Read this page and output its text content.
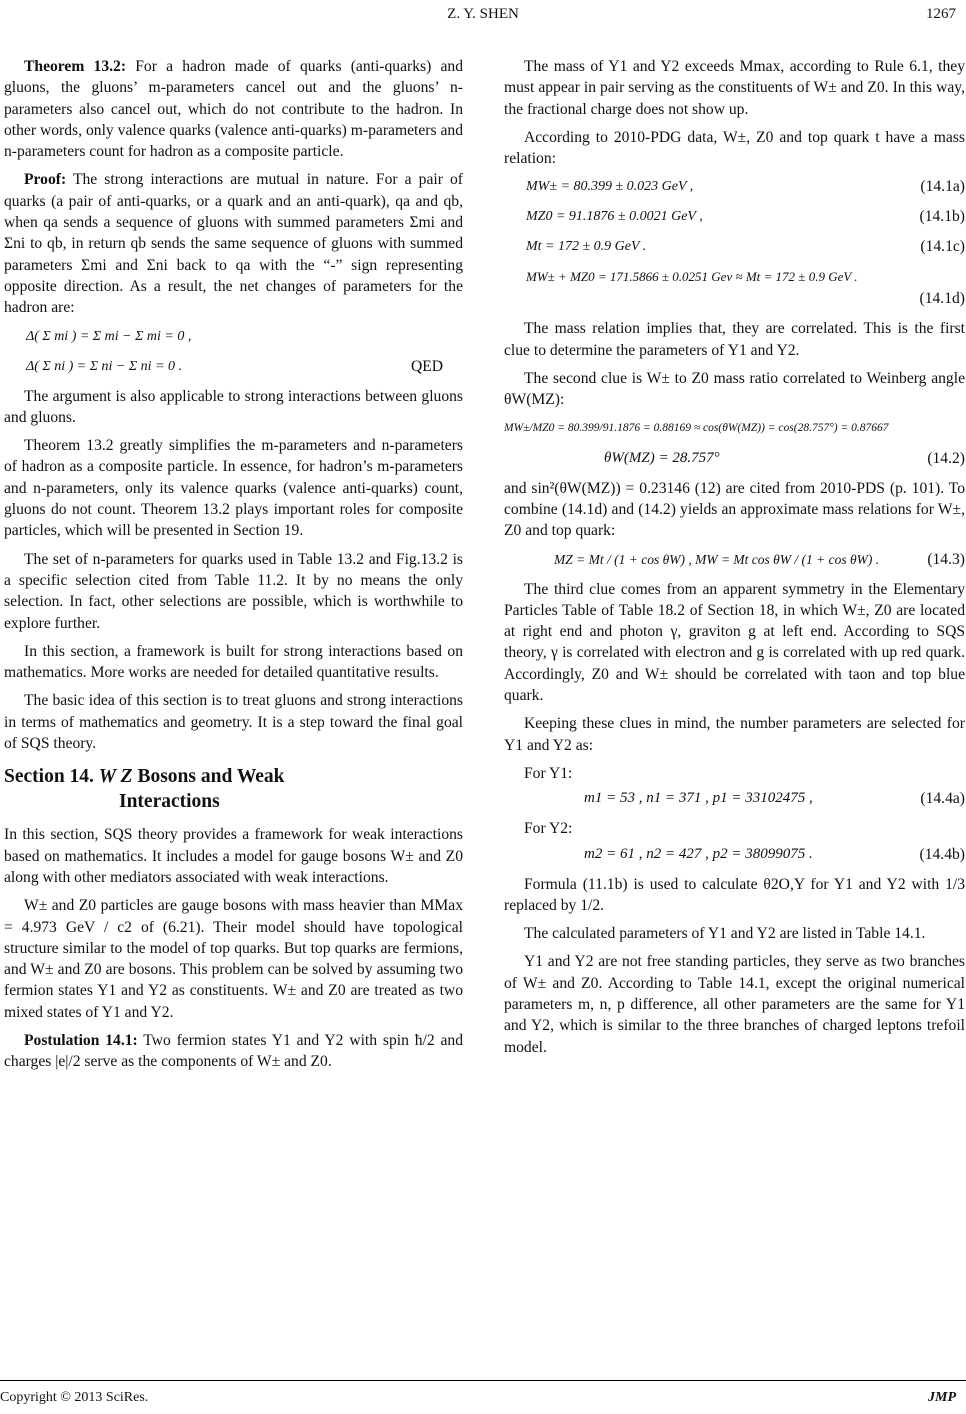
Z. Y. SHEN	1267

Theorem 13.2: For a hadron made of quarks (anti-quarks) and gluons, the gluons’ m-parameters cancel out and the gluons’ n-parameters also cancel out, which do not contribute to the hadron. In other words, only valence quarks (valence anti-quarks) m-parameters and n-parameters count for hadron as a composite particle.

Proof: The strong interactions are mutual in nature. For a pair of quarks (a pair of anti-quarks, or a quark and an anti-quark), qa and qb, when qa sends a sequence of gluons with summed parameters Σmi and Σni to qb, in return qb sends the same sequence of gluons with summed parameters Σmi and Σni back to qa with the “-” sign representing opposite direction. As a result, the net changes of parameters for the hadron are:

Δ( Σ mi ) = Σ mi − Σ mi = 0 ,
Δ( Σ ni ) = Σ ni − Σ ni = 0 .	QED

The argument is also applicable to strong interactions between gluons and gluons.

Theorem 13.2 greatly simplifies the m-parameters and n-parameters of hadron as a composite particle. In essence, for hadron’s m-parameters and n-parameters, only its valence quarks (valence anti-quarks) count, gluons do not count. Theorem 13.2 plays important roles for composite particles, which will be presented in Section 19.

The set of n-parameters for quarks used in Table 13.2 and Fig.13.2 is a specific selection cited from Table 11.2. It by no means the only selection. In fact, other selections are possible, which is worthwhile to explore further.

In this section, a framework is built for strong interactions based on mathematics. More works are needed for detailed quantitative results.

The basic idea of this section is to treat gluons and strong interactions in terms of mathematics and geometry. It is a step toward the final goal of SQS theory.

Section 14. W Z Bosons and Weak
Interactions

In this section, SQS theory provides a framework for weak interactions based on mathematics. It includes a model for gauge bosons W± and Z0 along with other mediators associated with weak interactions.

W± and Z0 particles are gauge bosons with mass heavier than MMax = 4.973 GeV / c2 of (6.21). Their model should have topological structure similar to the model of top quarks. But top quarks are fermions, and W± and Z0 are bosons. This problem can be solved by assuming two fermion states Y1 and Y2 as constituents. W± and Z0 are treated as two mixed states of Y1 and Y2.

Postulation 14.1: Two fermion states Y1 and Y2 with spin ħ/2 and charges |e|/2 serve as the components of W± and Z0.

The mass of Y1 and Y2 exceeds Mmax, according to Rule 6.1, they must appear in pair serving as the constituents of W± and Z0. In this way, the fractional charge does not show up.

According to 2010-PDG data, W±, Z0 and top quark t have a mass relation:

MW± = 80.399 ± 0.023 GeV ,	(14.1a)
MZ0 = 91.1876 ± 0.0021 GeV ,	(14.1b)
Mt = 172 ± 0.9 GeV .	(14.1c)
MW± + MZ0 = 171.5866 ± 0.0251 Gev ≈ Mt = 172 ± 0.9 GeV .
(14.1d)

The mass relation implies that, they are correlated. This is the first clue to determine the parameters of Y1 and Y2.

The second clue is W± to Z0 mass ratio correlated to Weinberg angle θW(MZ):

MW±/MZ0 = 80.399/91.1876 = 0.88169 ≈ cos(θW(MZ)) = cos(28.757°) = 0.87667
θW(MZ) = 28.757°	(14.2)

and sin²(θW(MZ)) = 0.23146 (12) are cited from 2010-PDS (p. 101). To combine (14.1d) and (14.2) yields an approximate mass relations for W±, Z0 and top quark:

MZ = Mt / (1 + cos θW) , MW = Mt cos θW / (1 + cos θW) .	(14.3)

The third clue comes from an apparent symmetry in the Elementary Particles Table of Table 18.2 of Section 18, in which W±, Z0 are located at right end and photon γ, graviton g at left end. According to SQS theory, γ is correlated with electron and g is correlated with up red quark. Accordingly, Z0 and W± should be correlated with taon and top blue quark.

Keeping these clues in mind, the number parameters are selected for Y1 and Y2 as:

For Y1:

m1 = 53 , n1 = 371 , p1 = 33102475 ,	(14.4a)

For Y2:

m2 = 61 , n2 = 427 , p2 = 38099075 .	(14.4b)

Formula (11.1b) is used to calculate θ2O,Y for Y1 and Y2 with 1/3 replaced by 1/2.

The calculated parameters of Y1 and Y2 are listed in Table 14.1.

Y1 and Y2 are not free standing particles, they serve as two branches of W± and Z0. According to Table 14.1, except the original numerical parameters m, n, p difference, all other parameters are the same for Y1 and Y2, which is similar to the three branches of charged leptons trefoil model.

Copyright © 2013 SciRes.	JMP
